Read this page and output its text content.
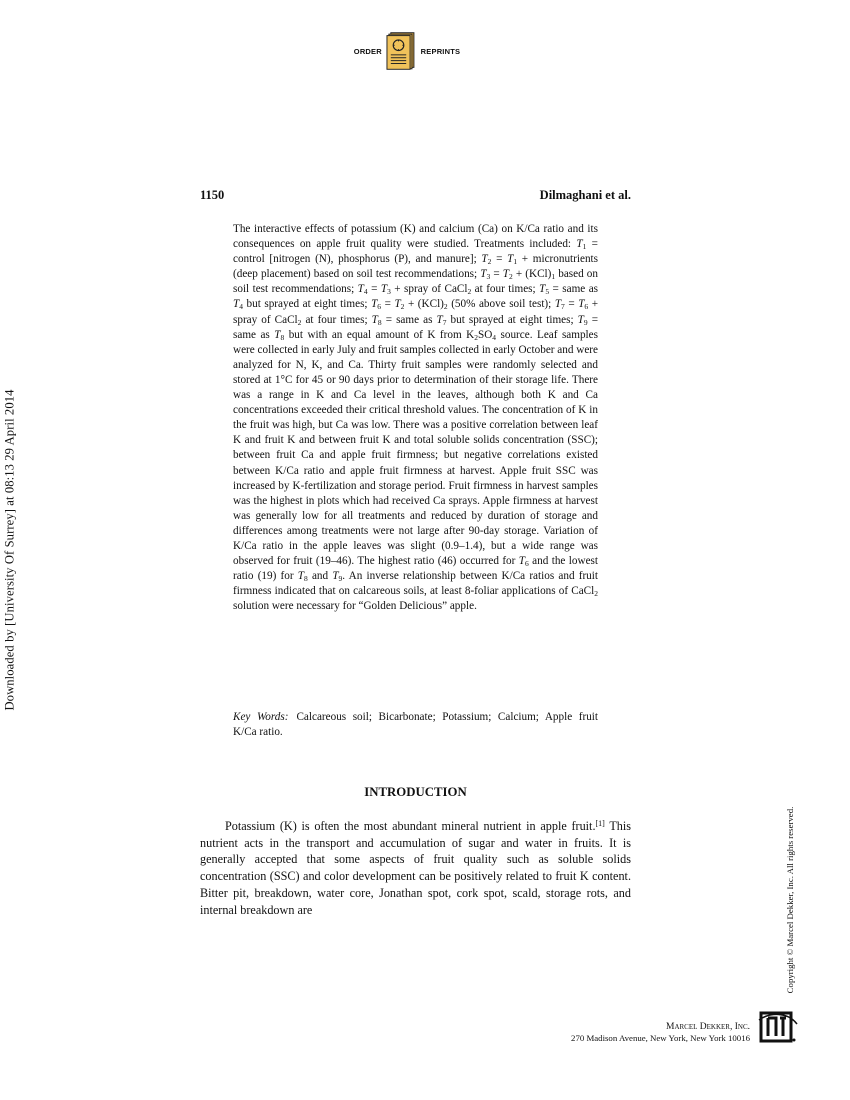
ORDER	REPRINTS
1150	Dilmaghani et al.

The interactive effects of potassium (K) and calcium (Ca) on K/Ca ratio and its consequences on apple fruit quality were studied. Treatments included: $T_1$ = control [nitrogen (N), phosphorus (P), and manure]; $T_2 = T_1$ + micronutrients (deep placement) based on soil test recommendations; $T_3 = T_2 + (KCl)_1$ based on soil test recommendations; $T_4 = T_3$ + spray of CaCl$_2$ at four times; $T_5$ = same as $T_4$ but sprayed at eight times; $T_6 = T_2 + (KCl)_2$ (50% above soil test); $T_7 = T_6$ + spray of CaCl$_2$ at four times; $T_8$ = same as $T_7$ but sprayed at eight times; $T_9$ = same as $T_8$ but with an equal amount of K from $K_2SO_4$ source. Leaf samples were collected in early July and fruit samples collected in early October and were analyzed for N, K, and Ca. Thirty fruit samples were randomly selected and stored at 1°C for 45 or 90 days prior to determination of their storage life. There was a range in K and Ca level in the leaves, although both K and Ca concentrations exceeded their critical threshold values. The concentration of K in the fruit was high, but Ca was low. There was a positive correlation between leaf K and fruit K and between fruit K and total soluble solids concentration (SSC); between fruit Ca and apple fruit firmness; but negative correlations existed between K/Ca ratio and apple fruit firmness at harvest. Apple fruit SSC was increased by K-fertilization and storage period. Fruit firmness in harvest samples was the highest in plots which had received Ca sprays. Apple firmness at harvest was generally low for all treatments and reduced by duration of storage and differences among treatments were not large after 90-day storage. Variation of K/Ca ratio in the apple leaves was slight (0.9–1.4), but a wide range was observed for fruit (19–46). The highest ratio (46) occurred for $T_6$ and the lowest ratio (19) for $T_8$ and $T_9$. An inverse relationship between K/Ca ratios and fruit firmness indicated that on calcareous soils, at least 8-foliar applications of CaCl$_2$ solution were necessary for “Golden Delicious” apple.

Key Words: Calcareous soil; Bicarbonate; Potassium; Calcium; Apple fruit K/Ca ratio.

INTRODUCTION

Potassium (K) is often the most abundant mineral nutrient in apple fruit.[1] This nutrient acts in the transport and accumulation of sugar and water in fruits. It is generally accepted that some aspects of fruit quality such as soluble solids concentration (SSC) and color development can be positively related to fruit K content. Bitter pit, breakdown, water core, Jonathan spot, cork spot, scald, storage rots, and internal breakdown are

Downloaded by [University Of Surrey] at 08:13 29 April 2014
Copyright © Marcel Dekker, Inc. All rights reserved.
Marcel Dekker, Inc.
270 Madison Avenue, New York, New York 10016
